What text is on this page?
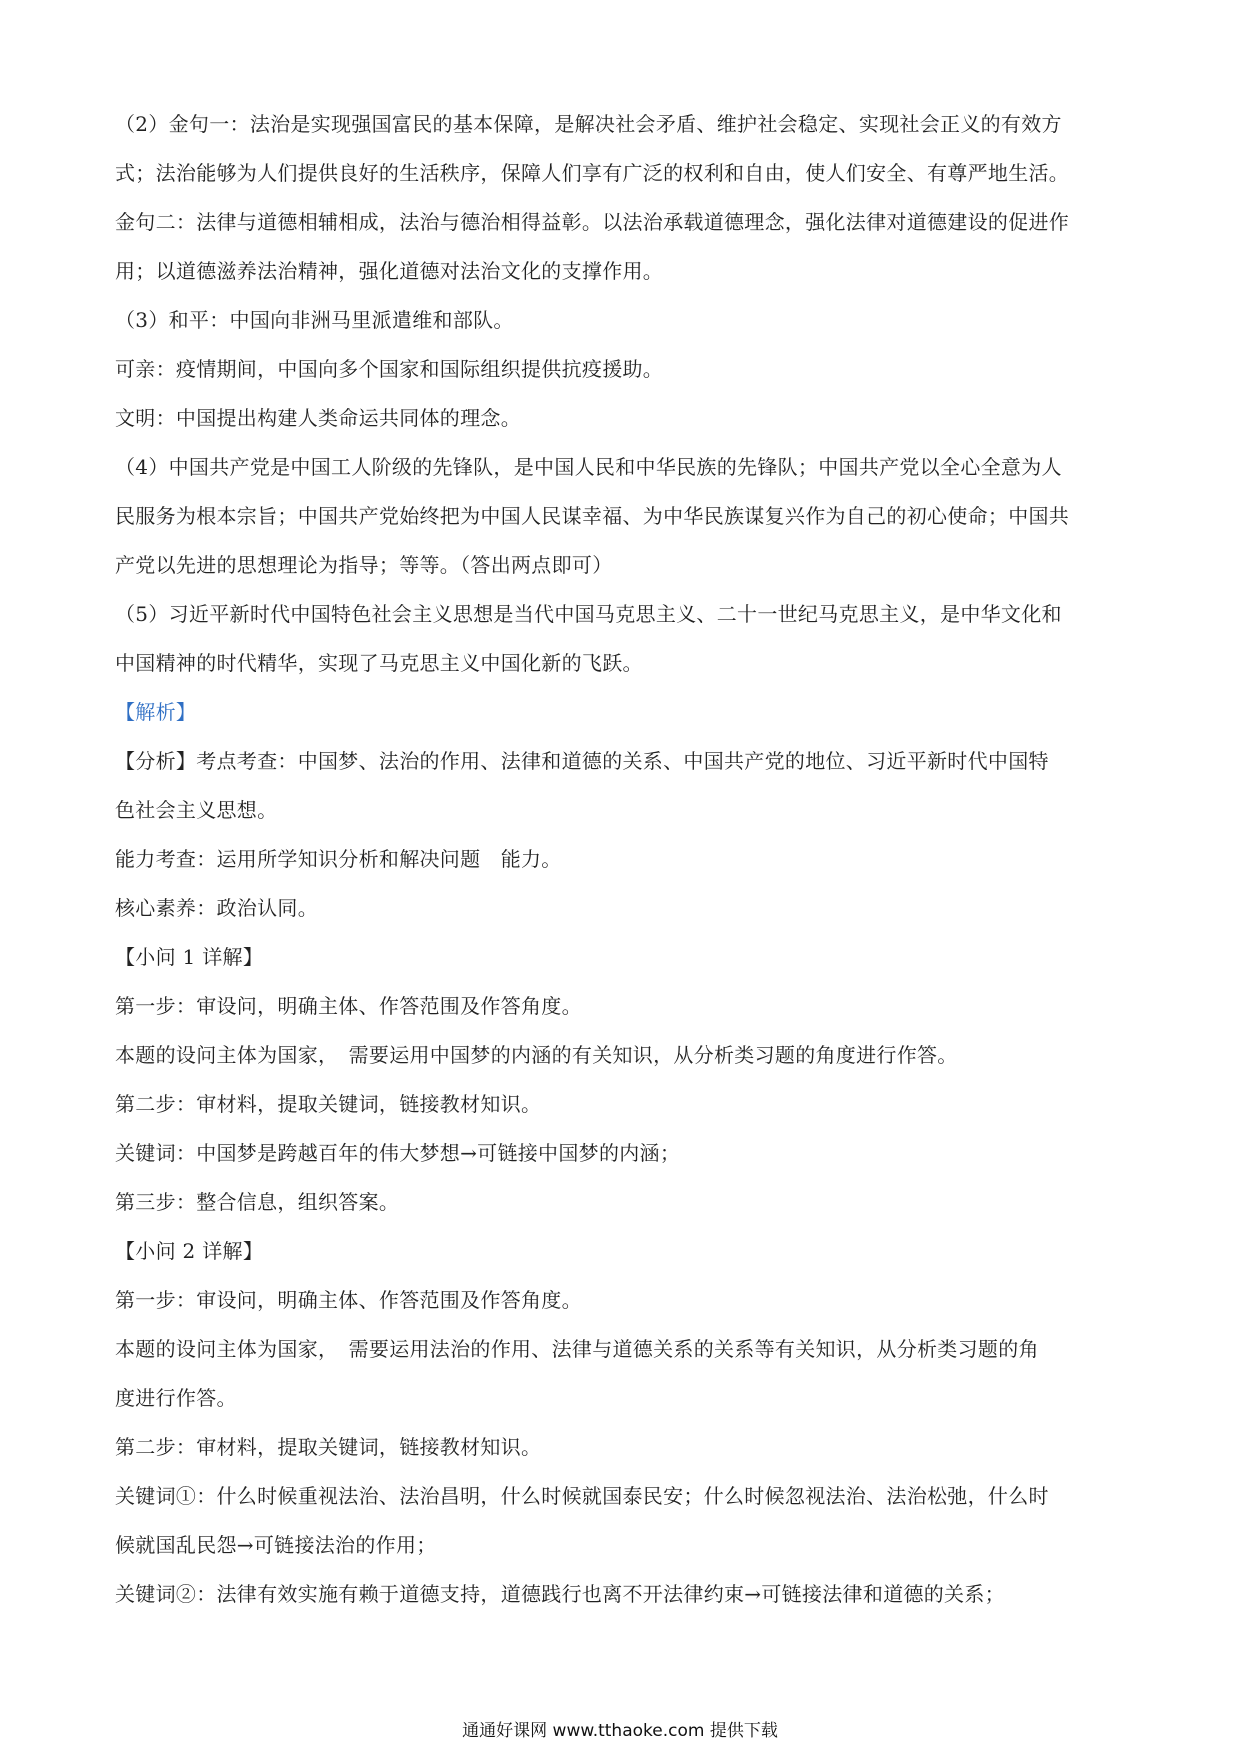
（2）金句一：法治是实现强国富民的基本保障，是解决社会矛盾、维护社会稳定、实现社会正义的有效方
式；法治能够为人们提供良好的生活秩序，保障人们享有广泛的权利和自由，使人们安全、有尊严地生活。
金句二：法律与道德相辅相成，法治与德治相得益彰。以法治承载道德理念，强化法律对道德建设的促进作
用；以道德滋养法治精神，强化道德对法治文化的支撑作用。
（3）和平：中国向非洲马里派遣维和部队。
可亲：疫情期间，中国向多个国家和国际组织提供抗疫援助。
文明：中国提出构建人类命运共同体的理念。
（4）中国共产党是中国工人阶级的先锋队，是中国人民和中华民族的先锋队；中国共产党以全心全意为人
民服务为根本宗旨；中国共产党始终把为中国人民谋幸福、为中华民族谋复兴作为自己的初心使命；中国共
产党以先进的思想理论为指导；等等。（答出两点即可）
（5）习近平新时代中国特色社会主义思想是当代中国马克思主义、二十一世纪马克思主义，是中华文化和
中国精神的时代精华，实现了马克思主义中国化新的飞跃。
【解析】
【分析】考点考查：中国梦、法治的作用、法律和道德的关系、中国共产党的地位、习近平新时代中国特
色社会主义思想。
能力考查：运用所学知识分析和解决问题　能力。
核心素养：政治认同。
【小问 1 详解】
第一步：审设问，明确主体、作答范围及作答角度。
本题的设问主体为国家，　需要运用中国梦的内涵的有关知识，从分析类习题的角度进行作答。
第二步：审材料，提取关键词，链接教材知识。
关键词：中国梦是跨越百年的伟大梦想→可链接中国梦的内涵；
第三步：整合信息，组织答案。
【小问 2 详解】
第一步：审设问，明确主体、作答范围及作答角度。
本题的设问主体为国家，　需要运用法治的作用、法律与道德关系的关系等有关知识，从分析类习题的角
度进行作答。
第二步：审材料，提取关键词，链接教材知识。
关键词①：什么时候重视法治、法治昌明，什么时候就国泰民安；什么时候忽视法治、法治松弛，什么时
候就国乱民怨→可链接法治的作用；
关键词②：法律有效实施有赖于道德支持，道德践行也离不开法律约束→可链接法律和道德的关系；
通通好课网 www.tthaoke.com 提供下载
